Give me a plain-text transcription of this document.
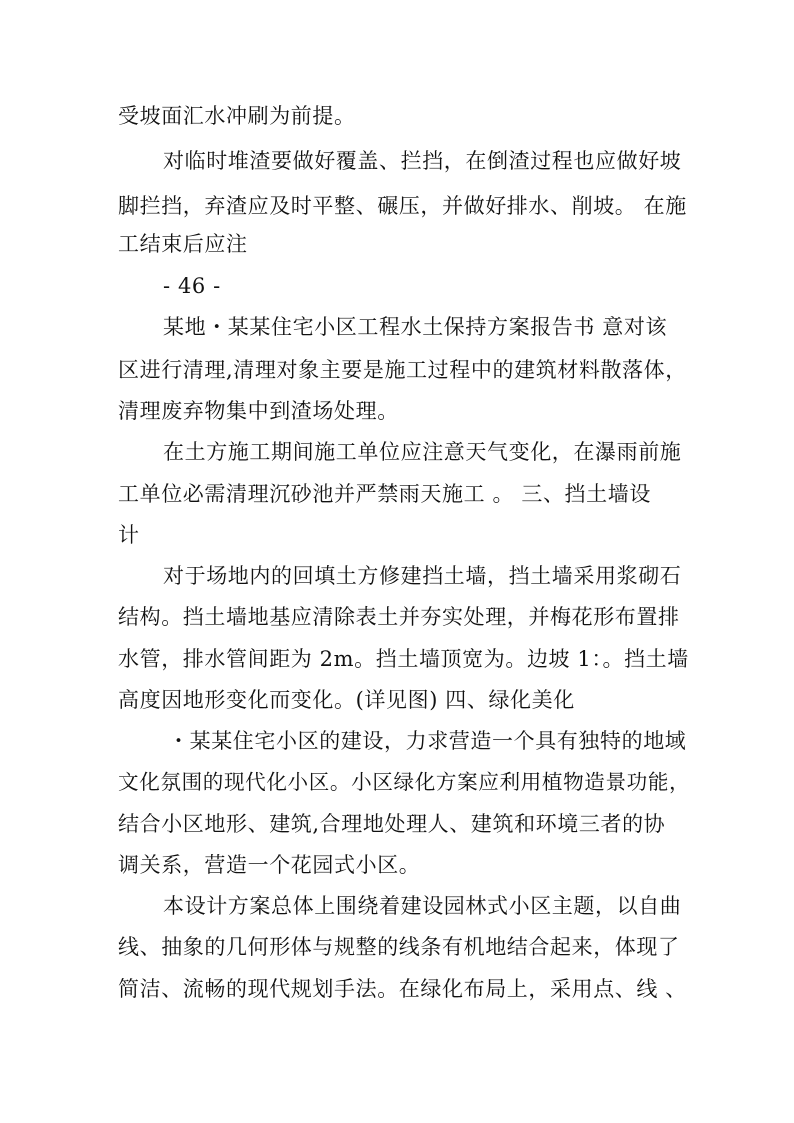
受坡面汇水冲刷为前提。
对临时堆渣要做好覆盖、拦挡，在倒渣过程也应做好坡
脚拦挡，弃渣应及时平整、碾压，并做好排水、削坡。 在施
工结束后应注
- 46 -
某地・某某住宅小区工程水土保持方案报告书 意对该
区进行清理,清理对象主要是施工过程中的建筑材料散落体，
清理废弃物集中到渣场处理。
在土方施工期间施工单位应注意天气变化，在瀑雨前施
工单位必需清理沉砂池并严禁雨天施工 。 三、挡土墙设
计
对于场地内的回填土方修建挡土墙，挡土墙采用浆砌石
结构。挡土墙地基应清除表土并夯实处理，并梅花形布置排
水管，排水管间距为 2m。挡土墙顶宽为。边坡 1：。挡土墙
高度因地形变化而变化。(详见图) 四、绿化美化
・某某住宅小区的建设，力求营造一个具有独特的地域
文化氛围的现代化小区。小区绿化方案应利用植物造景功能，
结合小区地形、建筑,合理地处理人、建筑和环境三者的协
调关系，营造一个花园式小区。
本设计方案总体上围绕着建设园林式小区主题，以自曲
线、抽象的几何形体与规整的线条有机地结合起来，体现了
简洁、流畅的现代规划手法。在绿化布局上，采用点、线 、
